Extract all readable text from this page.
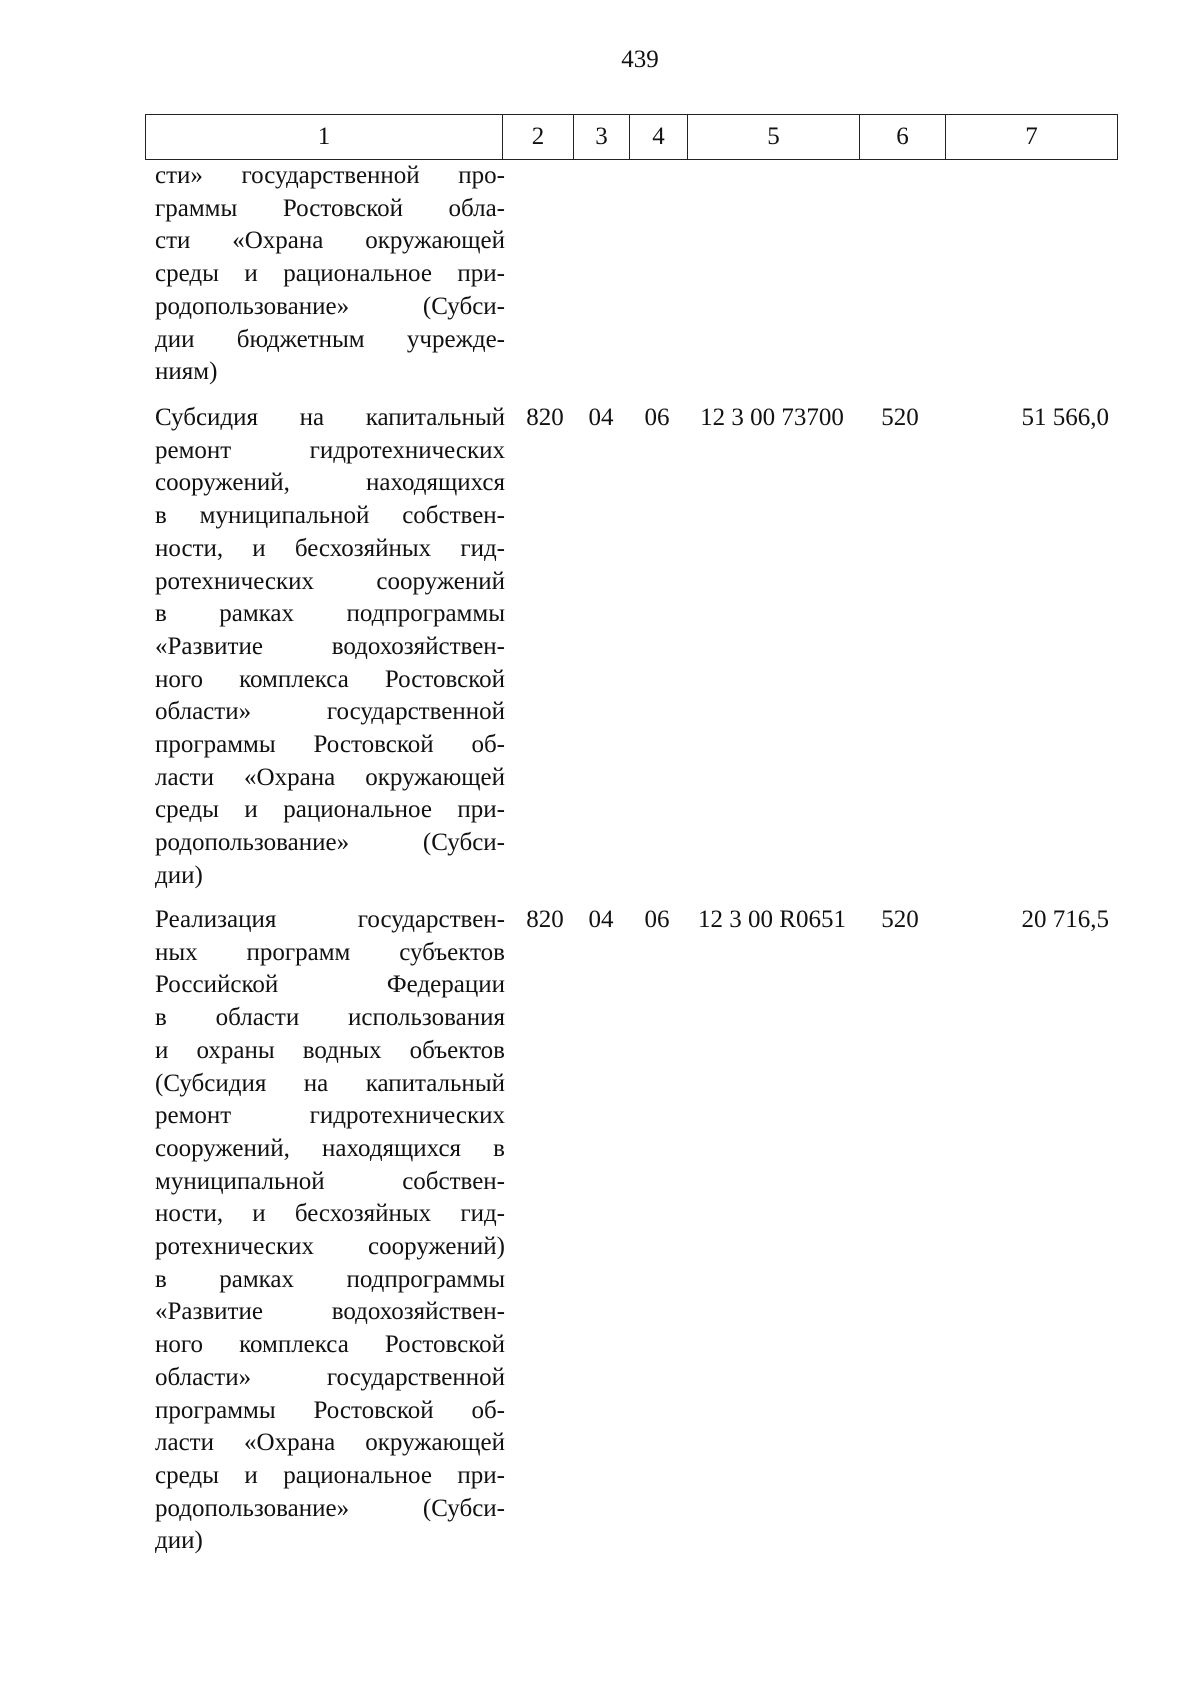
439
1	2	3	4	5	6	7
сти» государственной про-
граммы Ростовской обла-
сти «Охрана окружающей
среды и рациональное при-
родопользование» (Субси-
дии бюджетным учрежде-
ниям)
Субсидия на капитальный
ремонт гидротехнических
сооружений, находящихся
в муниципальной собствен-
ности, и бесхозяйных гид-
ротехнических сооружений
в рамках подпрограммы
«Развитие водохозяйствен-
ного комплекса Ростовской
области» государственной
программы Ростовской об-
ласти «Охрана окружающей
среды и рациональное при-
родопользование» (Субси-
дии)
820 04	06	12 3 00 73700	520	51 566,0
Реализация государствен-
ных программ субъектов
Российской Федерации
в области использования
и охраны водных объектов
(Субсидия на капитальный
ремонт гидротехнических
сооружений, находящихся в
муниципальной собствен-
ности, и бесхозяйных гид-
ротехнических сооружений)
в рамках подпрограммы
«Развитие водохозяйствен-
ного комплекса Ростовской
области» государственной
программы Ростовской об-
ласти «Охрана окружающей
среды и рациональное при-
родопользование» (Субси-
дии)
820 04	06	12 3 00 R0651	520	20 716,5
